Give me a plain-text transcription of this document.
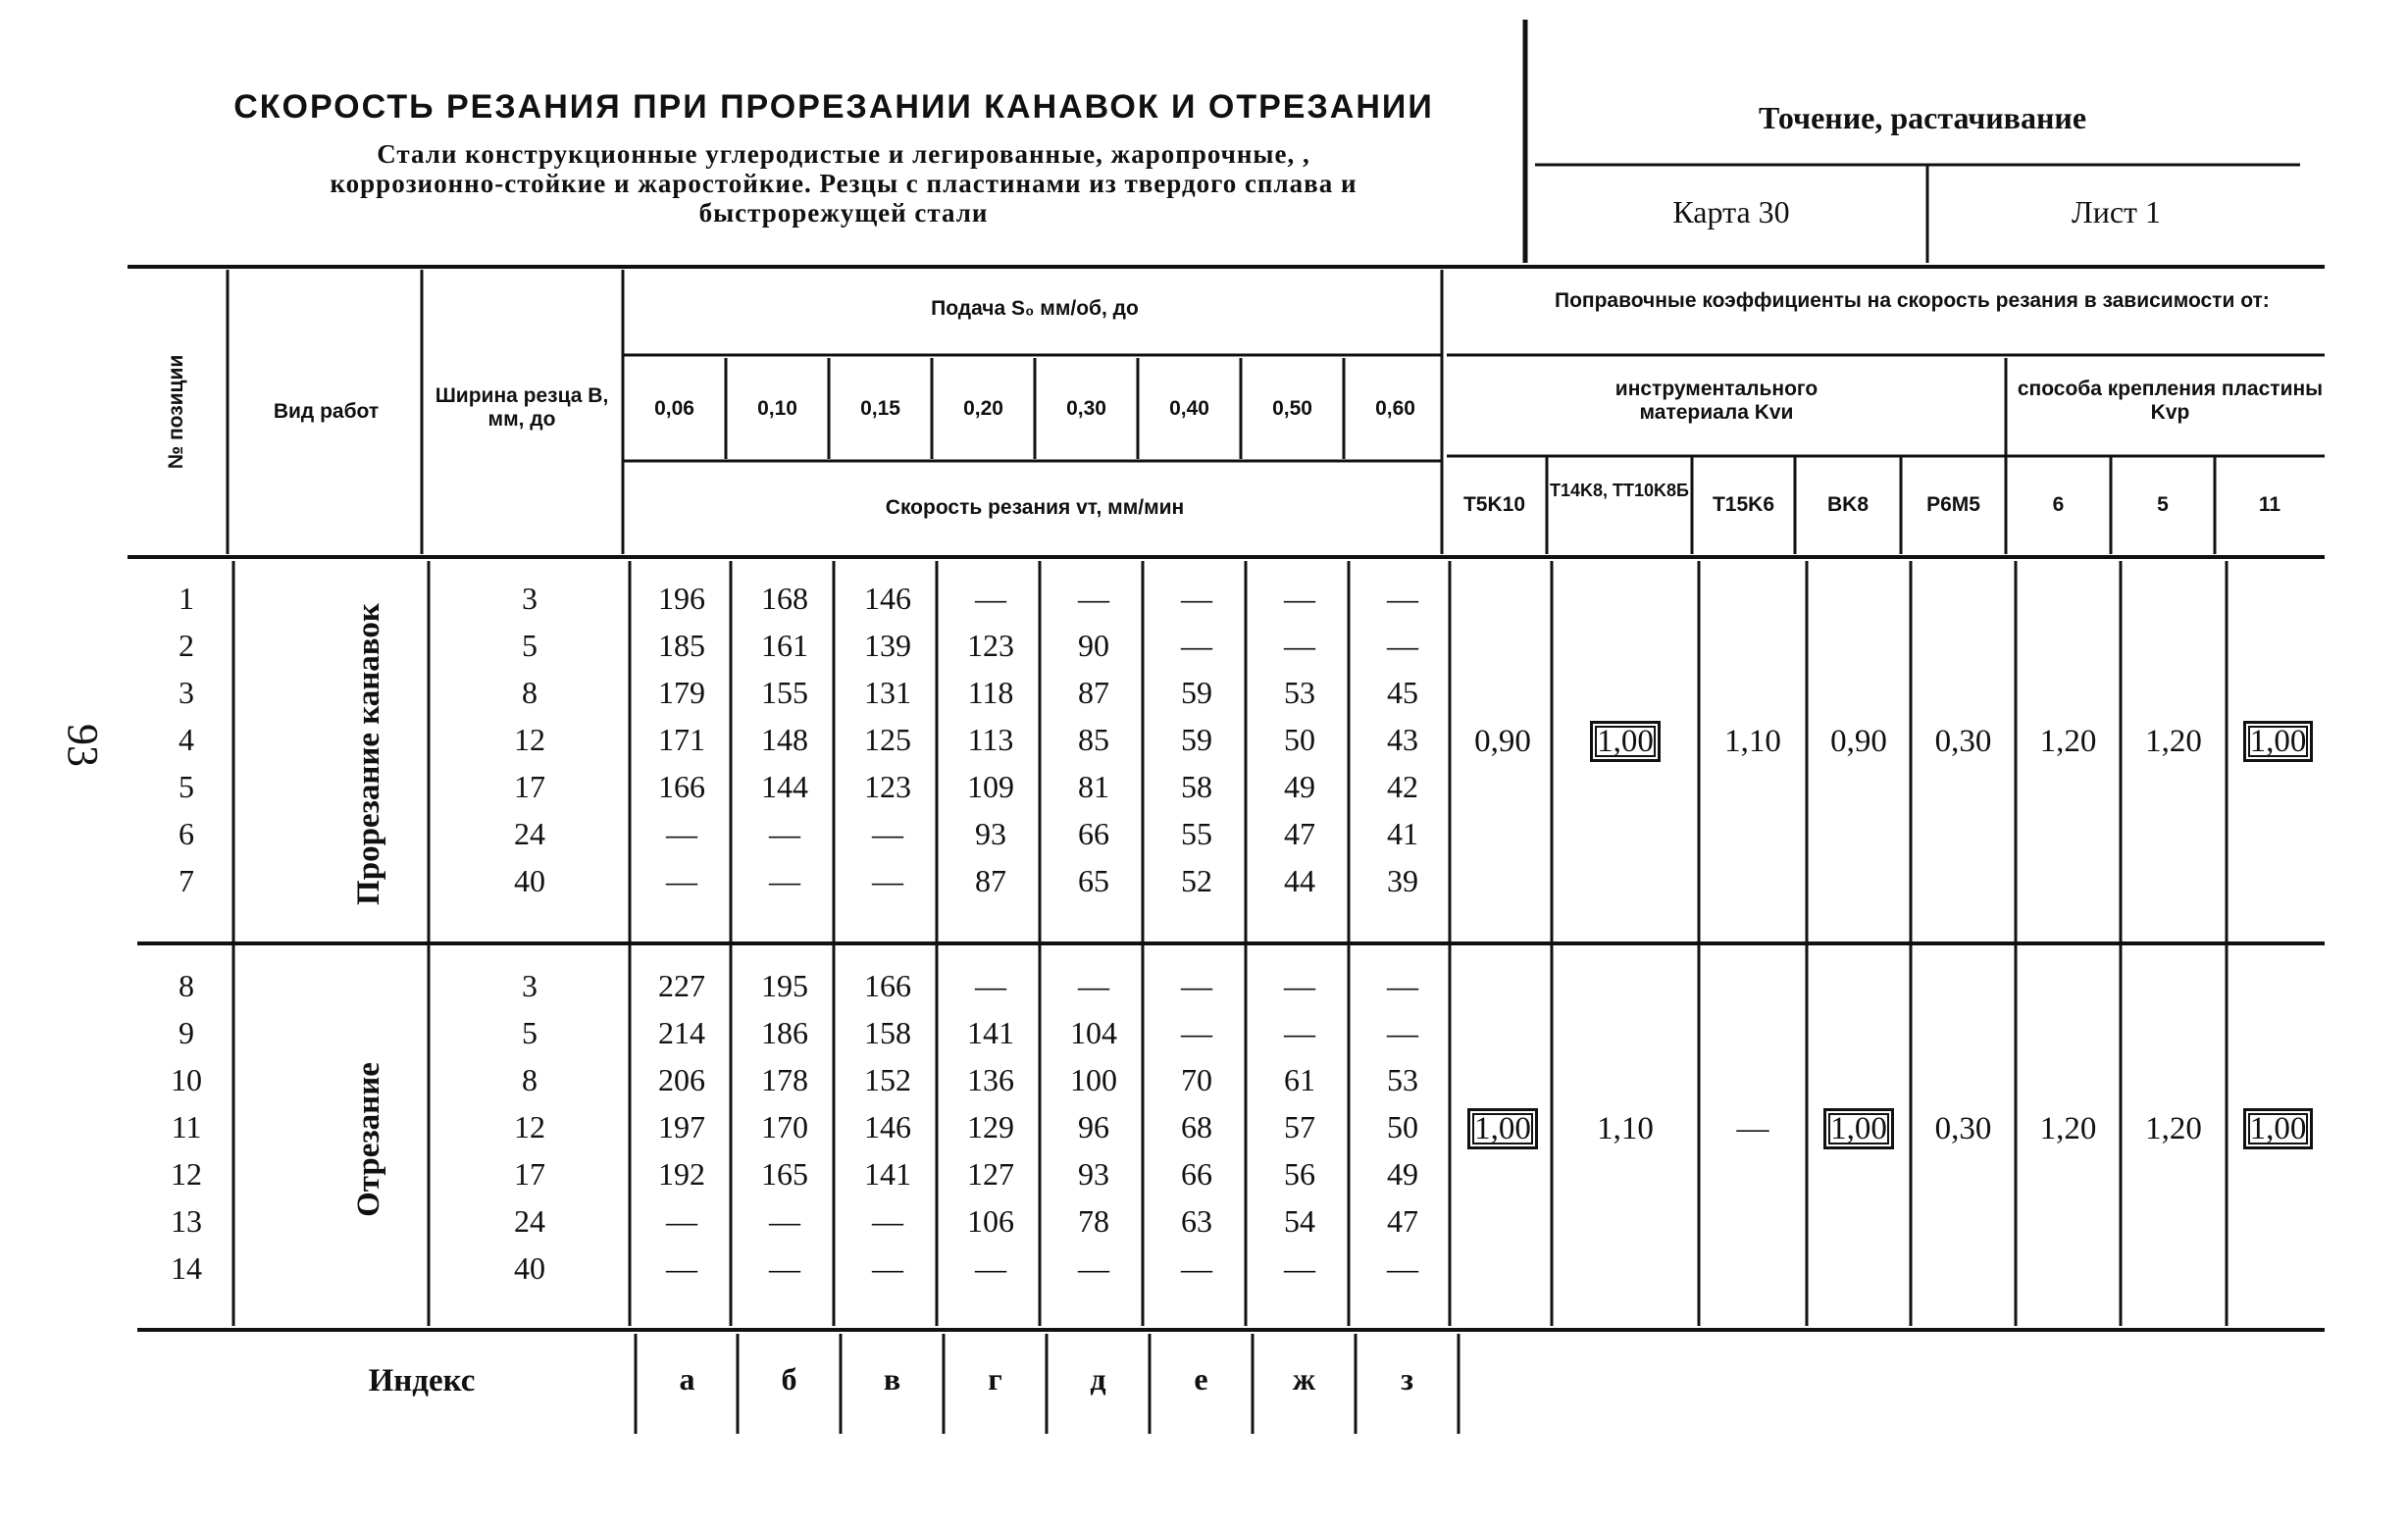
СКОРОСТЬ РЕЗАНИЯ ПРИ ПРОРЕЗАНИИ КАНАВОК И ОТРЕЗАНИИ
Стали конструкционные углеродистые и легированные, жаропрочные, ,
коррозионно-стойкие и жаростойкие. Резцы с пластинами из твердого сплава и
быстрорежущей стали
Точение, растачивание
Карта 30	Лист 1
93
№ позиции	Вид работ
Ширина резца B, мм, до
Подача S₀ мм/об, до
Скорость резания vт, мм/мин
0,06	0,10	0,15	0,20	0,30	0,40	0,50	0,60
Поправочные коэффициенты на скорость резания в зависимости от:
инструментального материала Kvи
способа крепления пластины Kvр
T5K10
T14K8, TT10K8Б
T15K6	BK8	P6M5	6	5	11
Прорезание канавок
Отрезание
1	3	196	168	146	—	—	—	—	—
2	5	185	161	139	123	90	—	—	—
3	8	179	155	131	118	87	59	53	45
4	12	171	148	125	113	85	59	50	43
5	17	166	144	123	109	81	58	49	42
6	24	—	—	—	93	66	55	47	41
7	40	—	—	—	87	65	52	44	39
0,90	1,00	1,10	0,90	0,30	1,20	1,20	1,00
8	3	227	195	166	—	—	—	—	—
9	5	214	186	158	141	104	—	—	—
10	8	206	178	152	136	100	70	61	53
11	12	197	170	146	129	96	68	57	50
12	17	192	165	141	127	93	66	56	49
13	24	—	—	—	106	78	63	54	47
14	40	—	—	—	—	—	—	—	—
1,00	1,10	—	1,00	0,30	1,20	1,20	1,00
Индекс	а	б	в	г	д	е	ж	з
